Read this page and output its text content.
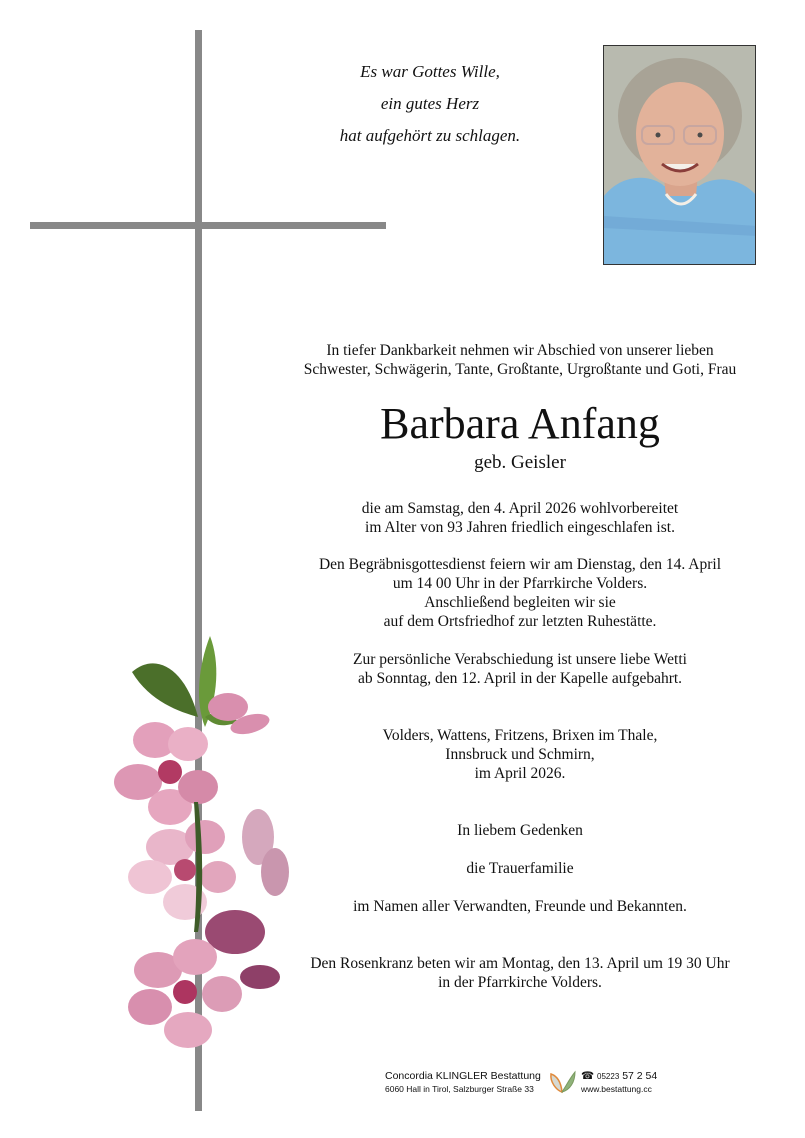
Es war Gottes Wille,
ein gutes Herz
hat aufgehört zu schlagen.
In tiefer Dankbarkeit nehmen wir Abschied von unserer lieben
Schwester, Schwägerin, Tante, Großtante, Urgroßtante und Goti, Frau
Barbara Anfang
geb. Geisler
die am Samstag, den 4. April 2026 wohlvorbereitet
im Alter von 93 Jahren friedlich eingeschlafen ist.
Den Begräbnisgottesdienst feiern wir am Dienstag, den 14. April
um 14 00 Uhr in der Pfarrkirche Volders.
Anschließend begleiten wir sie
auf dem Ortsfriedhof zur letzten Ruhestätte.
Zur persönliche Verabschiedung ist unsere liebe Wetti
ab Sonntag, den 12. April in der Kapelle aufgebahrt.
Volders, Wattens, Fritzens, Brixen im Thale,
Innsbruck und Schmirn,
im April 2026.
In liebem Gedenken
die Trauerfamilie
im Namen aller Verwandten, Freunde und Bekannten.
Den Rosenkranz beten wir am Montag, den 13. April um 19 30 Uhr
in der Pfarrkirche Volders.
Concordia KLINGLER Bestattung
6060 Hall in Tirol, Salzburger Straße 33
☎ 05223 57 2 54
www.bestattung.cc
